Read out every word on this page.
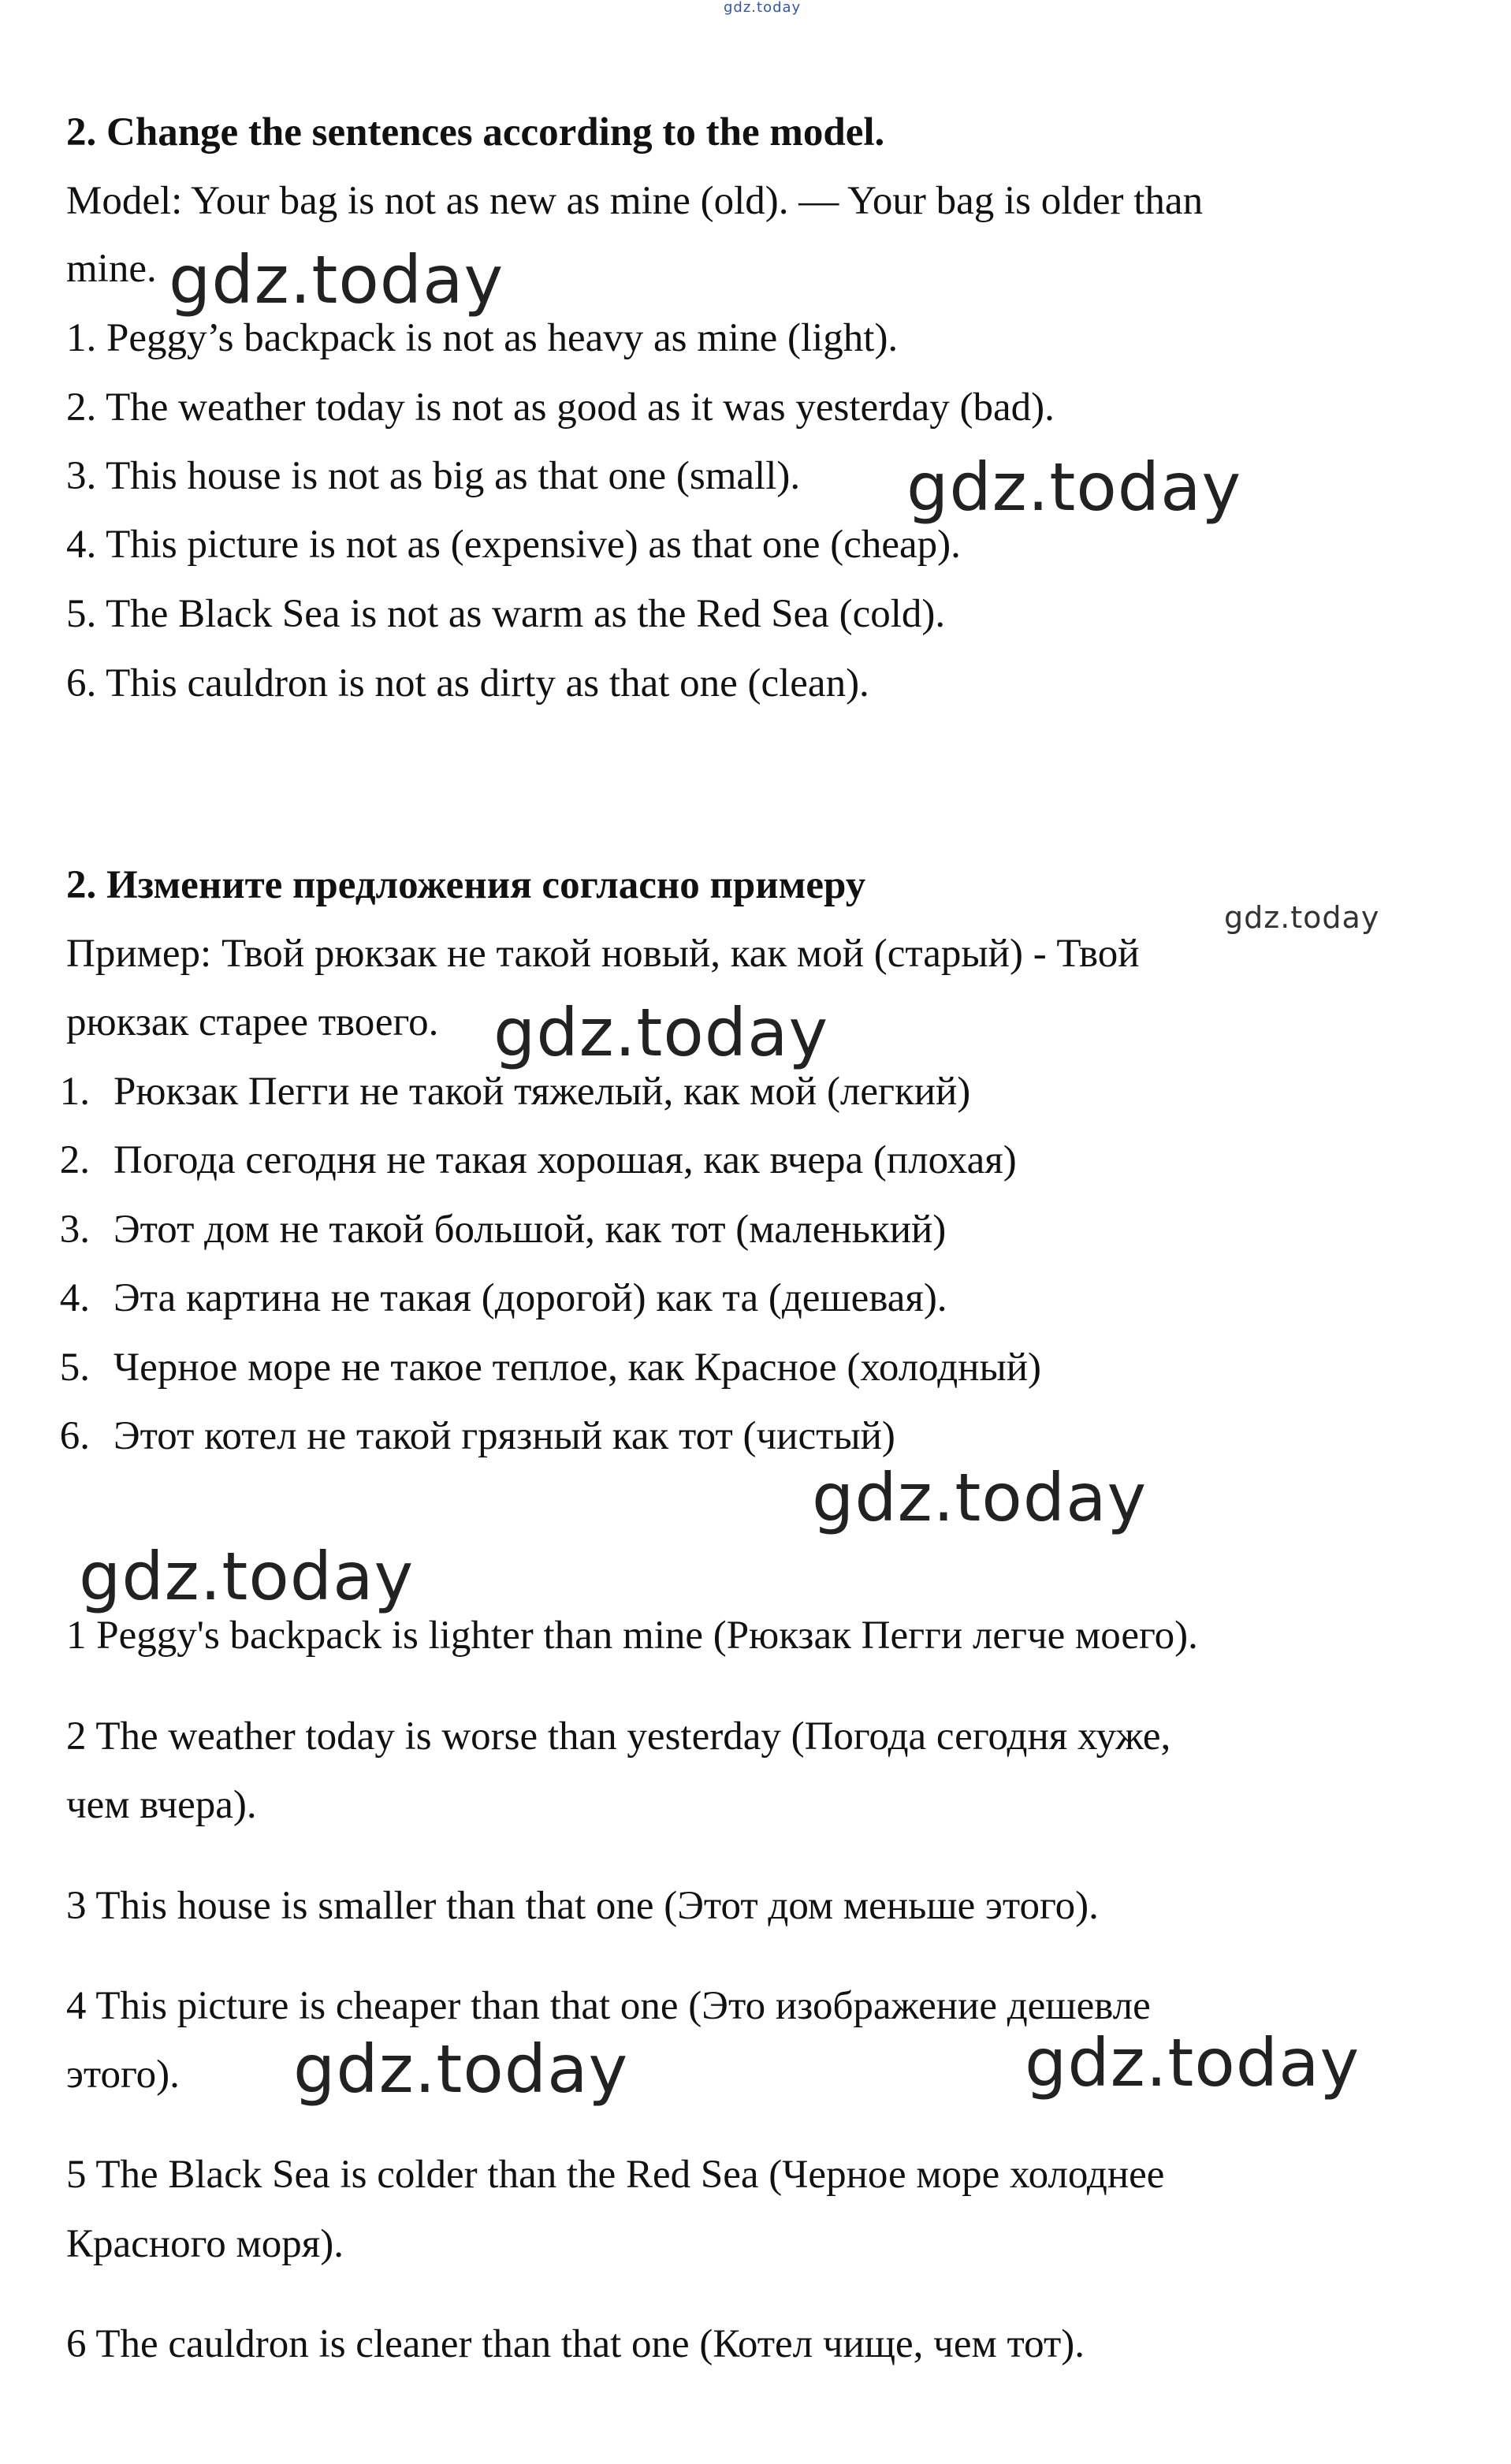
gdz.today

2. Change the sentences according to the model.

Model: Your bag is not as new as mine (old). — Your bag is older than

mine.

1. Peggy’s backpack is not as heavy as mine (light).

2. The weather today is not as good as it was yesterday (bad).

3. This house is not as big as that one (small).

4. This picture is not as (expensive) as that one (cheap).

5. The Black Sea is not as warm as the Red Sea (cold).

6. This cauldron is not as dirty as that one (clean).

2. Измените предложения согласно примеру

Пример: Твой рюкзак не такой новый, как мой (старый) - Твой

рюкзак старее твоего.

1. Рюкзак Пегги не такой тяжелый, как мой (легкий)

2. Погода сегодня не такая хорошая, как вчера (плохая)

3. Этот дом не такой большой, как тот (маленький)

4. Эта картина не такая (дорогой) как та (дешевая).

5. Черное море не такое теплое, как Красное (холодный)

6. Этот котел не такой грязный как тот (чистый)

1 Peggy's backpack is lighter than mine (Рюкзак Пегги легче моего).

2 The weather today is worse than yesterday (Погода сегодня хуже,

чем вчера).

3 This house is smaller than that one (Этот дом меньше этого).

4 This picture is cheaper than that one (Это изображение дешевле

этого).

5 The Black Sea is colder than the Red Sea (Черное море холоднее

Красного моря).

6 The cauldron is cleaner than that one (Котел чище, чем тот).

gdz.today
gdz.today
gdz.today
gdz.today
gdz.today
gdz.today
gdz.today	gdz.today
